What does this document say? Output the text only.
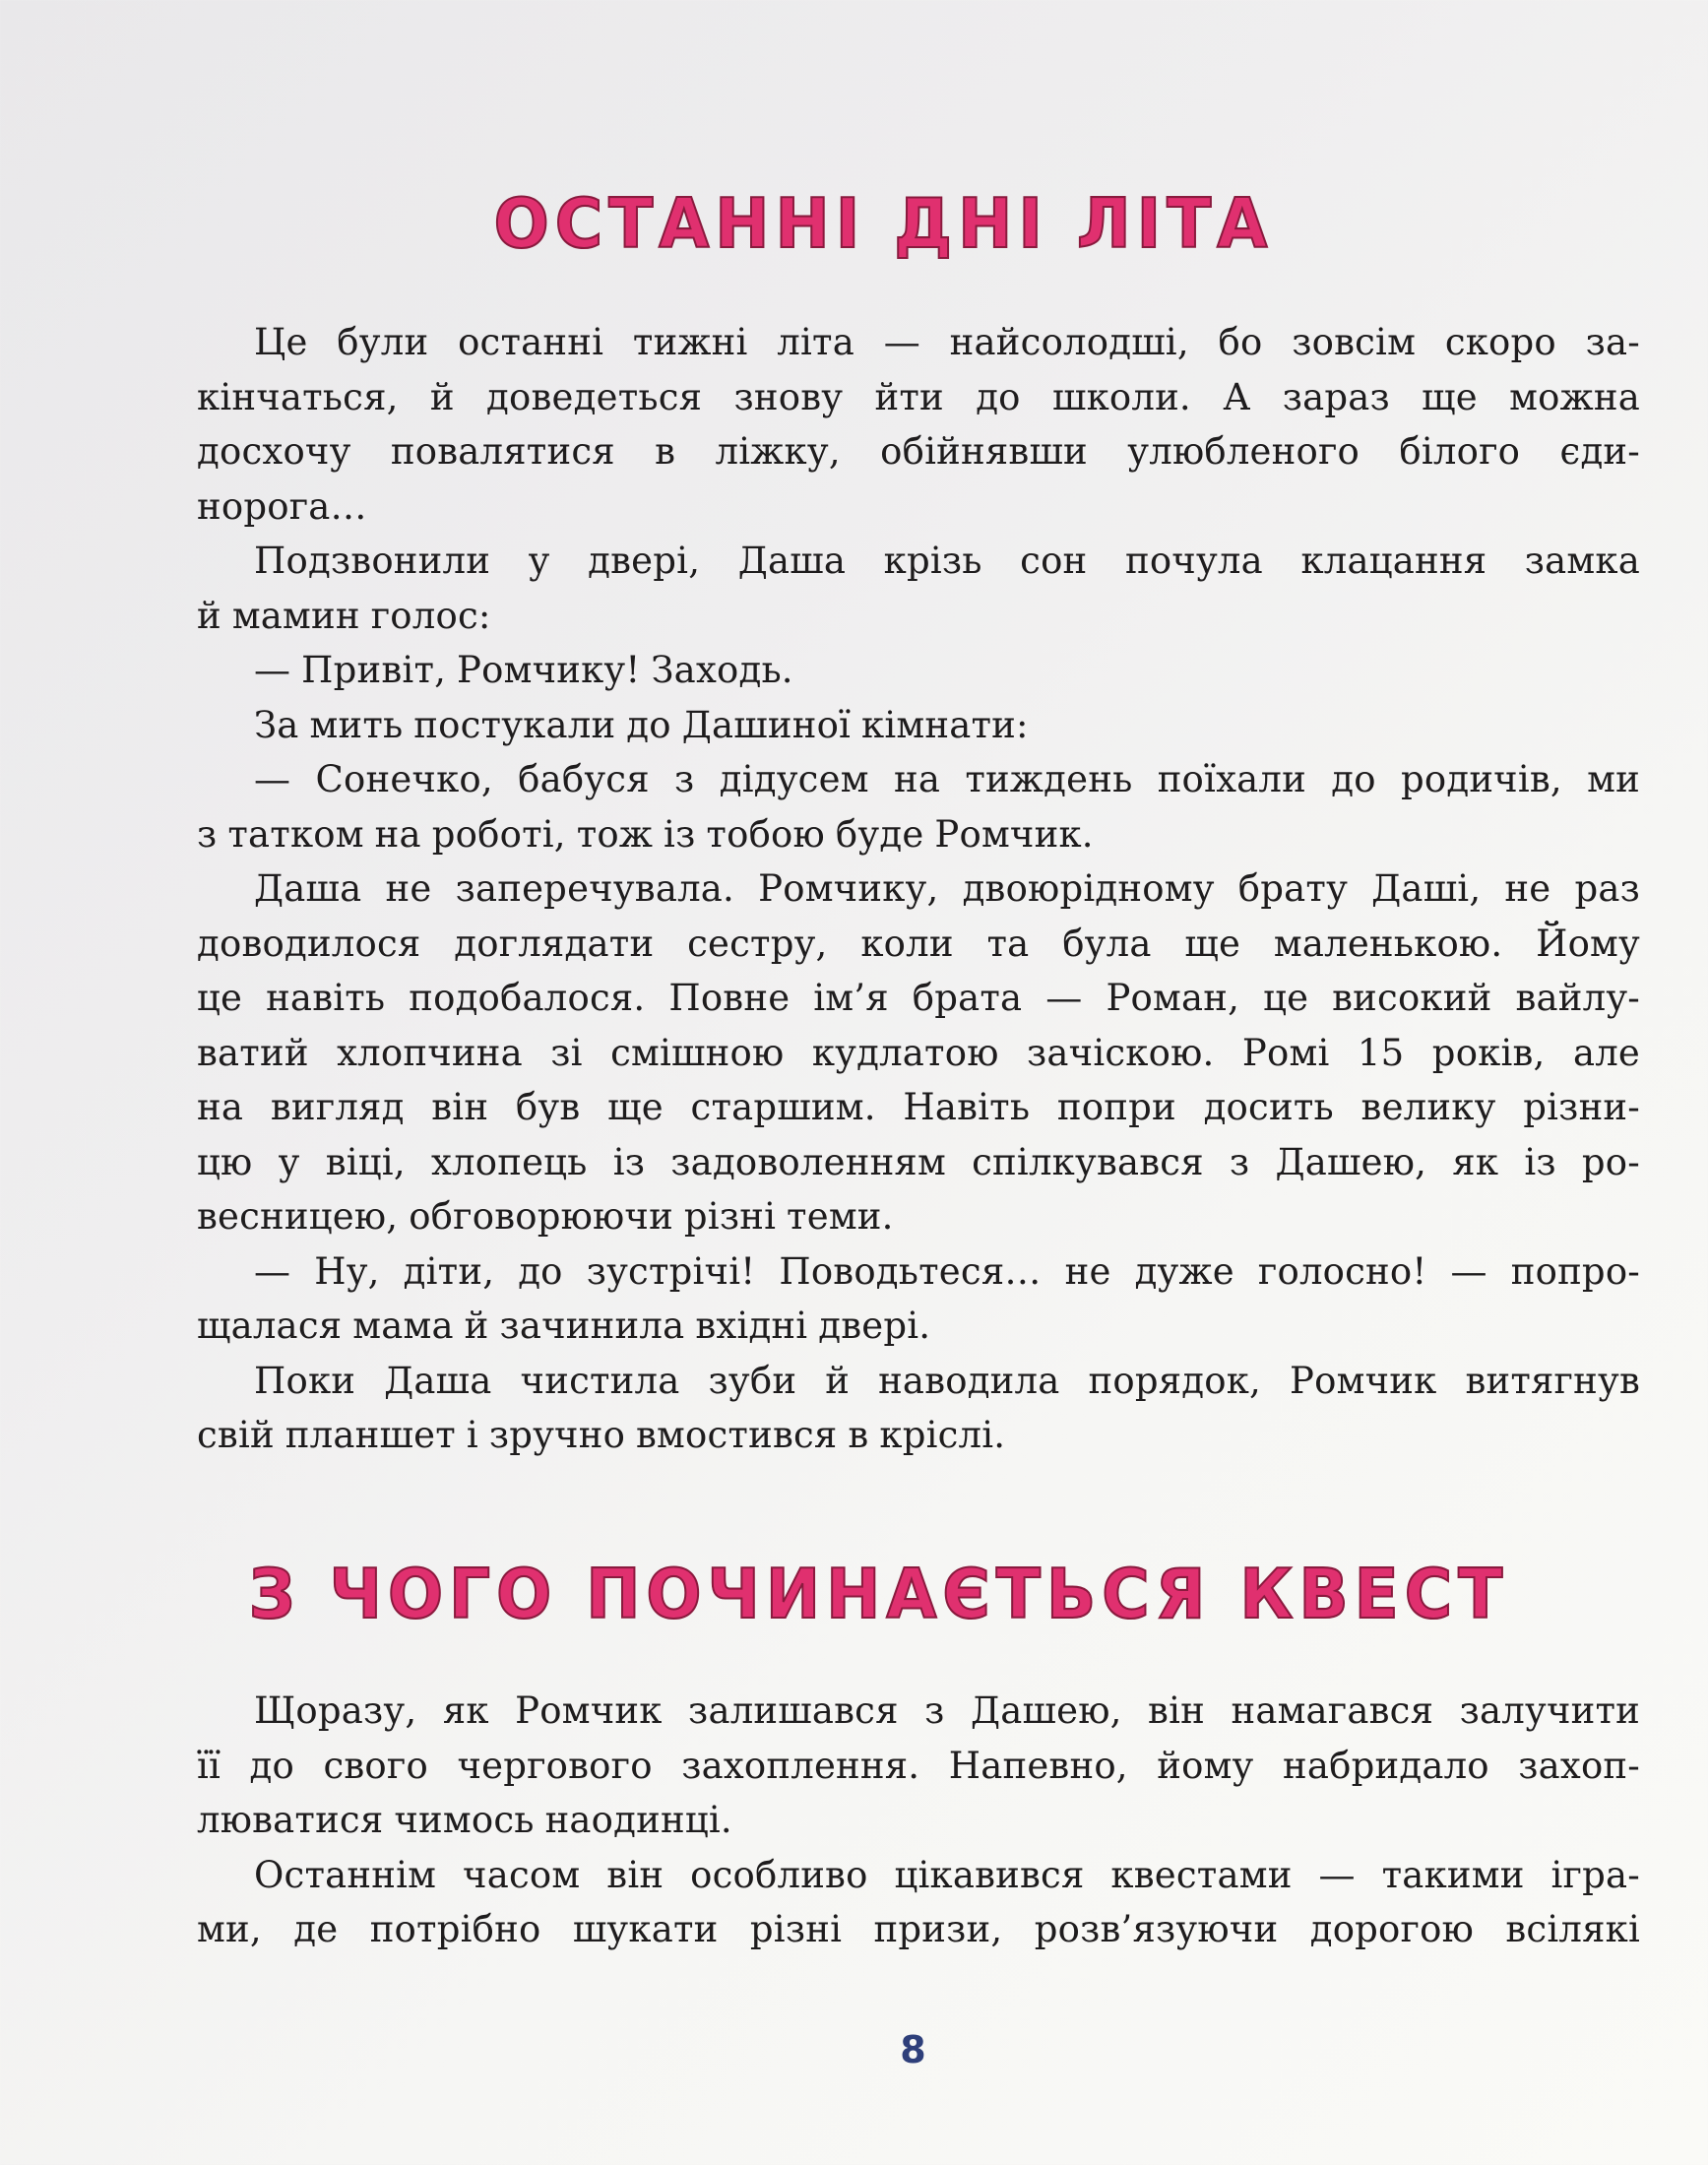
ОСТАННІ ДНІ ЛІТА
Це були останні тижні літа — найсолодші, бо зовсім скоро за-
кінчаться, й доведеться знову йти до школи. А зараз ще можна
досхочу повалятися в ліжку, обійнявши улюбленого білого єди-
норога…
Подзвонили у двері, Даша крізь сон почула клацання замка
й мамин голос:
— Привіт, Ромчику! Заходь.
За мить постукали до Дашиної кімнати:
— Сонечко, бабуся з дідусем на тиждень поїхали до родичів, ми
з татком на роботі, тож із тобою буде Ромчик.
Даша не заперечувала. Ромчику, двоюрідному брату Даші, не раз
доводилося доглядати сестру, коли та була ще маленькою. Йому
це навіть подобалося. Повне ім’я брата — Роман, це високий вайлу-
ватий хлопчина зі смішною кудлатою зачіскою. Ромі 15 років, але
на вигляд він був ще старшим. Навіть попри досить велику різни-
цю у віці, хлопець із задоволенням спілкувався з Дашею, як із ро-
весницею, обговорюючи різні теми.
— Ну, діти, до зустрічі! Поводьтеся… не дуже голосно! — попро-
щалася мама й зачинила вхідні двері.
Поки Даша чистила зуби й наводила порядок, Ромчик витягнув
свій планшет і зручно вмостився в кріслі.
З ЧОГО ПОЧИНАЄТЬСЯ КВЕСТ
Щоразу, як Ромчик залишався з Дашею, він намагався залучити
її до свого чергового захоплення. Напевно, йому набридало захоп-
люватися чимось наодинці.
Останнім часом він особливо цікавився квестами — такими ігра-
ми, де потрібно шукати різні призи, розв’язуючи дорогою всілякі
8
